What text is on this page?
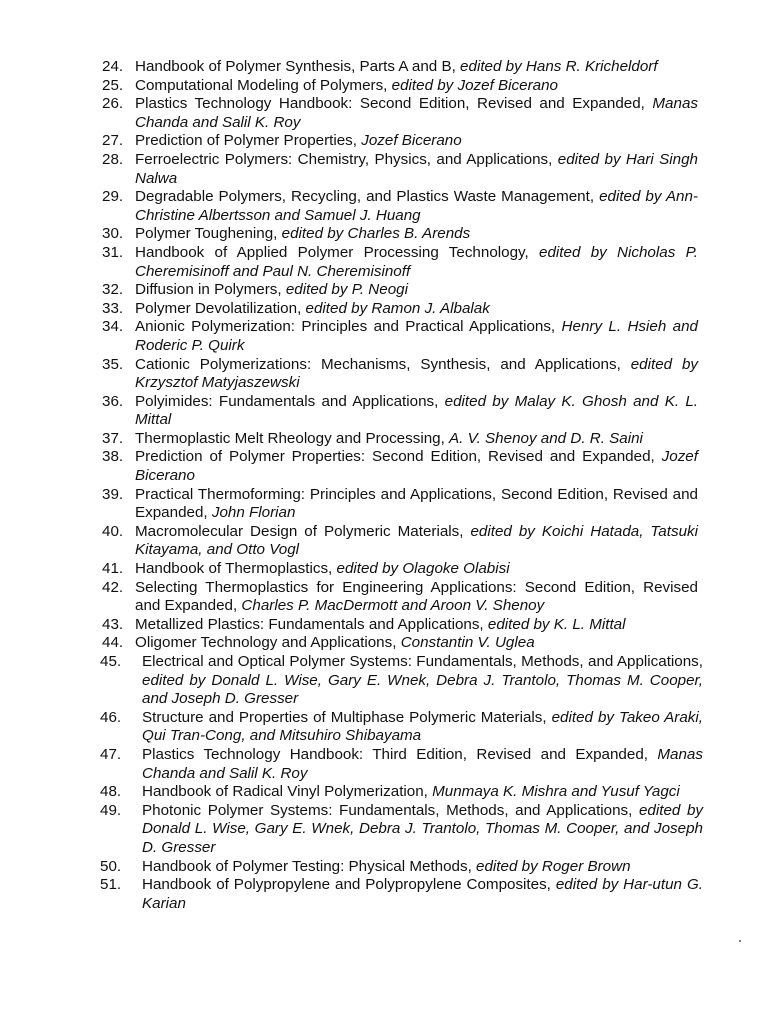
24. Handbook of Polymer Synthesis, Parts A and B, edited by Hans R. Kricheldorf
25. Computational Modeling of Polymers, edited by Jozef Bicerano
26. Plastics Technology Handbook: Second Edition, Revised and Expanded, Manas Chanda and Salil K. Roy
27. Prediction of Polymer Properties, Jozef Bicerano
28. Ferroelectric Polymers: Chemistry, Physics, and Applications, edited by Hari Singh Nalwa
29. Degradable Polymers, Recycling, and Plastics Waste Management, edited by Ann-Christine Albertsson and Samuel J. Huang
30. Polymer Toughening, edited by Charles B. Arends
31. Handbook of Applied Polymer Processing Technology, edited by Nicholas P. Cheremisinoff and Paul N. Cheremisinoff
32. Diffusion in Polymers, edited by P. Neogi
33. Polymer Devolatilization, edited by Ramon J. Albalak
34. Anionic Polymerization: Principles and Practical Applications, Henry L. Hsieh and Roderic P. Quirk
35. Cationic Polymerizations: Mechanisms, Synthesis, and Applications, edited by Krzysztof Matyjaszewski
36. Polyimides: Fundamentals and Applications, edited by Malay K. Ghosh and K. L. Mittal
37. Thermoplastic Melt Rheology and Processing, A. V. Shenoy and D. R. Saini
38. Prediction of Polymer Properties: Second Edition, Revised and Expanded, Jozef Bicerano
39. Practical Thermoforming: Principles and Applications, Second Edition, Revised and Expanded, John Florian
40. Macromolecular Design of Polymeric Materials, edited by Koichi Hatada, Tatsuki Kitayama, and Otto Vogl
41. Handbook of Thermoplastics, edited by Olagoke Olabisi
42. Selecting Thermoplastics for Engineering Applications: Second Edition, Revised and Expanded, Charles P. MacDermott and Aroon V. Shenoy
43. Metallized Plastics: Fundamentals and Applications, edited by K. L. Mittal
44. Oligomer Technology and Applications, Constantin V. Uglea
45.	Electrical and Optical Polymer Systems: Fundamentals, Methods, and Applications, edited by Donald L. Wise, Gary E. Wnek, Debra J. Trantolo, Thomas M. Cooper, and Joseph D. Gresser
46.	Structure and Properties of Multiphase Polymeric Materials, edited by Takeo Araki, Qui Tran-Cong, and Mitsuhiro Shibayama
47.	Plastics Technology Handbook: Third Edition, Revised and Expanded, Manas Chanda and Salil K. Roy
48.	Handbook of Radical Vinyl Polymerization, Munmaya K. Mishra and Yusuf Yagci
49.	Photonic Polymer Systems: Fundamentals, Methods, and Applications, edited by Donald L. Wise, Gary E. Wnek, Debra J. Trantolo, Thomas M. Cooper, and Joseph D. Gresser
50.	Handbook of Polymer Testing: Physical Methods, edited by Roger Brown
51.	Handbook of Polypropylene and Polypropylene Composites, edited by Har-utun G. Karian
